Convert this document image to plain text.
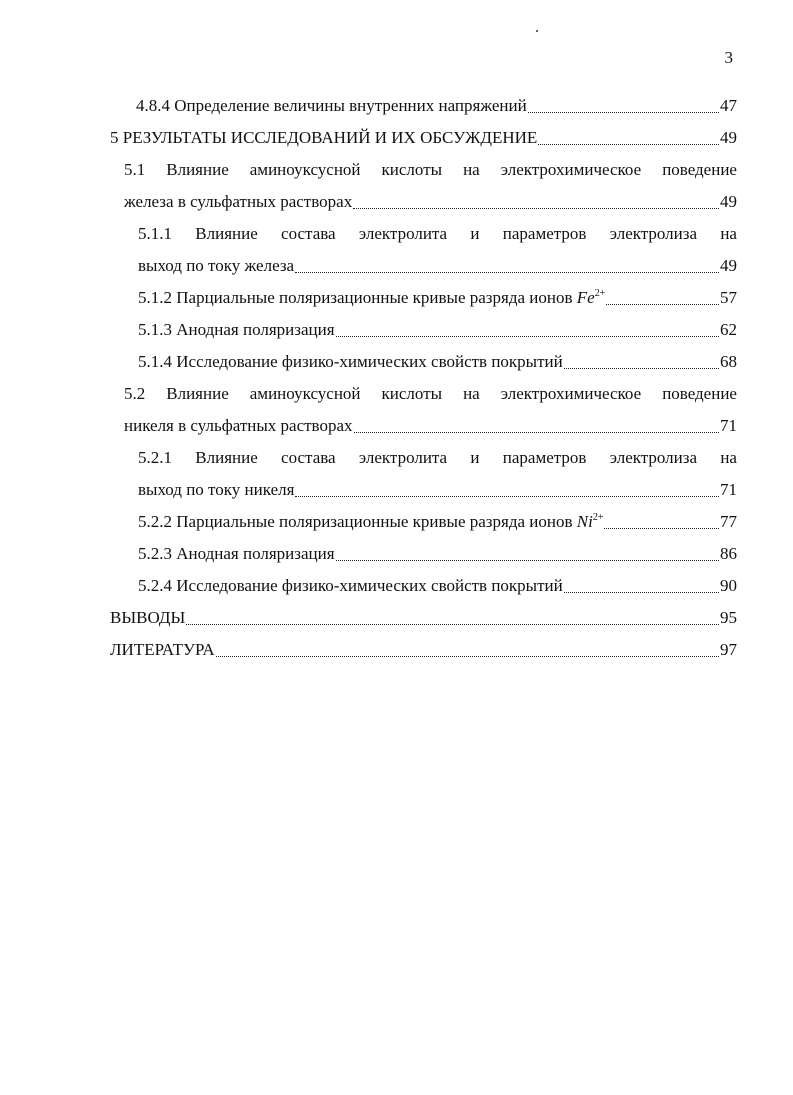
3
4.8.4 Определение величины внутренних напряжений	47
5 РЕЗУЛЬТАТЫ ИССЛЕДОВАНИЙ И ИХ ОБСУЖДЕНИЕ	49
5.1 Влияние аминоуксусной кислоты на электрохимическое поведение
железа в сульфатных растворах	49
5.1.1 Влияние состава электролита и параметров электролиза на
выход по току железа	49
5.1.2 Парциальные поляризационные кривые разряда ионов $Fe^{2+}$	57
5.1.3 Анодная поляризация	62
5.1.4 Исследование физико-химических свойств покрытий	68
5.2 Влияние аминоуксусной кислоты на электрохимическое поведение
никеля в сульфатных растворах	71
5.2.1 Влияние состава электролита и параметров электролиза на
выход по току никеля	71
5.2.2 Парциальные поляризационные кривые разряда ионов $Ni^{2+}$	77
5.2.3 Анодная поляризация	86
5.2.4 Исследование физико-химических свойств покрытий	90
ВЫВОДЫ	95
ЛИТЕРАТУРА	97
